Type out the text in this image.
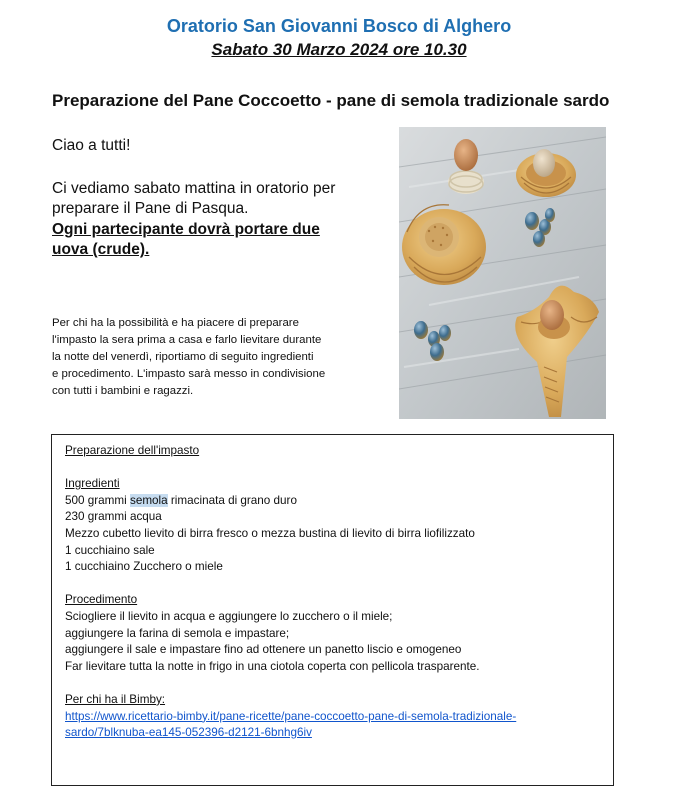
Oratorio San Giovanni Bosco di Alghero
Sabato 30 Marzo 2024 ore 10.30
Preparazione del Pane Coccoetto - pane di semola tradizionale sardo

Ciao a tutti!

Ci vediamo sabato mattina in oratorio per

preparare il Pane di Pasqua.

Ogni partecipante dovrà portare due

uova (crude).

Per chi ha la possibilità e ha piacere di preparare
l'impasto la sera prima a casa e farlo lievitare durante
la notte del venerdì, riportiamo di seguito ingredienti
e procedimento. L'impasto sarà messo in condivisione
con tutti i bambini e ragazzi.
Preparazione dell'impasto
Ingredienti
500 grammi semola rimacinata di grano duro
230 grammi acqua
Mezzo cubetto lievito di birra fresco o mezza bustina di lievito di birra liofilizzato
1 cucchiaino sale
1 cucchiaino Zucchero o miele
Procedimento
Sciogliere il lievito in acqua e aggiungere lo zucchero o il miele;
aggiungere la farina di semola e impastare;
aggiungere il sale e impastare fino ad ottenere un panetto liscio e omogeneo
Far lievitare tutta la notte in frigo in una ciotola coperta con pellicola trasparente.
Per chi ha il Bimby:
https://www.ricettario-bimby.it/pane-ricette/pane-coccoetto-pane-di-semola-tradizionale-
sardo/7blknuba-ea145-052396-d2121-6bnhg6iv
